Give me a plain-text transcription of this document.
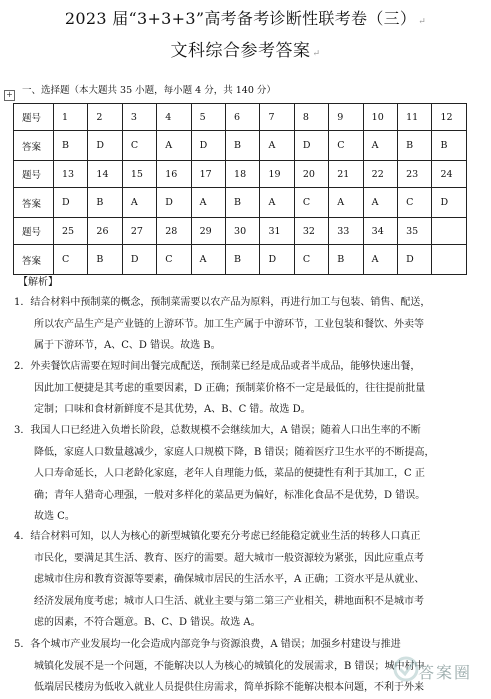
2023 届“3+3+3”高考备考诊断性联考卷（三） ↵
文科综合参考答案 ↵
+ 一、选择题（本大题共 35 小题，每小题 4 分，共 140 分）
题号	1	2	3	4	5	6	7	8	9	10	11	12
答案	B	D	C	A	D	B	A	D	C	A	B	B
题号	13	14	15	16	17	18	19	20	21	22	23	24
答案	D	B	A	D	A	B	A	C	A	A	C	D
题号	25	26	27	28	29	30	31	32	33	34	35	
答案	C	B	D	C	A	B	D	C	B	A	D	
【解析】
1．结合材料中预制菜的概念，预制菜需要以农产品为原料，再进行加工与包装、销售、配送，
所以农产品生产是产业链的上游环节。加工生产属于中游环节，工业包装和餐饮、外卖等
属于下游环节，A、C、D 错误。故选 B。
2．外卖餐饮店需要在短时间出餐完成配送，预制菜已经是成品或者半成品，能够快速出餐，
因此加工便捷是其考虑的重要因素，D 正确；预制菜价格不一定是最低的，往往提前批量
定制；口味和食材新鲜度不是其优势，A、B、C 错。故选 D。
3．我国人口已经进入负增长阶段，总数规模不会继续加大，A 错误；随着人口出生率的不断
降低，家庭人口数量越减少，家庭人口规模下降，B 错误；随着医疗卫生水平的不断提高，
人口寿命延长，人口老龄化家庭，老年人自理能力低，菜品的便捷性有利于其加工，C 正
确；青年人猎奇心理强，一般对多样化的菜品更为偏好，标准化食品不是优势，D 错误。
故选 C。
4．结合材料可知，以人为核心的新型城镇化要充分考虑已经能稳定就业生活的转移人口真正
市民化，要满足其生活、教育、医疗的需要。超大城市一般资源较为紧张，因此应重点考
虑城市住房和教育资源等要素，确保城市居民的生活水平，A 正确；工资水平是从就业、
经济发展角度考虑；城市人口生活、就业主要与第二第三产业相关，耕地面积不是城市考
虑的因素，不符合题意。B、C、D 错误。故选 A。
5．各个城市产业发展均一化会造成内部竞争与资源浪费，A 错误；加强乡村建设与推进
城镇化发展不是一个问题，不能解决以人为核心的城镇化的发展需求，B 错误；城中村中
低端居民楼房为低收入就业人员提供住房需求，简单拆除不能解决根本问题，不利于外来
答案圈
